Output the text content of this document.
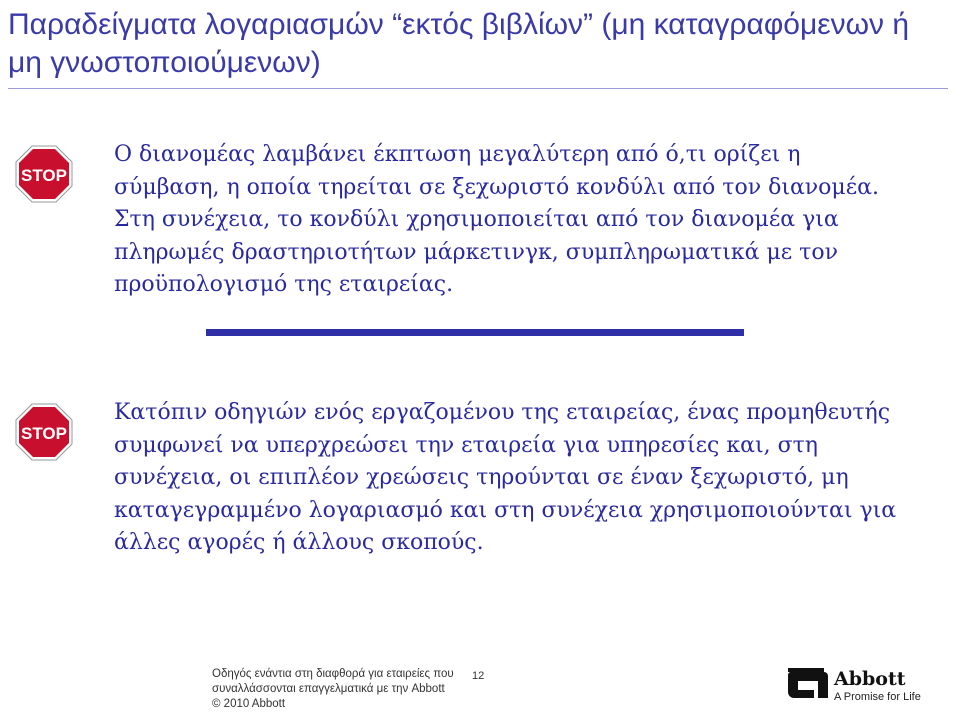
Παραδείγματα λογαριασμών “εκτός βιβλίων” (μη καταγραφόμενων ή μη γνωστοποιούμενων)
STOP
Ο διανομέας λαμβάνει έκπτωση μεγαλύτερη από ό,τι ορίζει η σύμβαση, η οποία τηρείται σε ξεχωριστό κονδύλι από τον διανομέα. Στη συνέχεια, το κονδύλι χρησιμοποιείται από τον διανομέα για πληρωμές δραστηριοτήτων μάρκετινγκ, συμπληρωματικά με τον προϋπολογισμό της εταιρείας.
STOP
Κατόπιν οδηγιών ενός εργαζομένου της εταιρείας, ένας προμηθευτής συμφωνεί να υπερχρεώσει την εταιρεία για υπηρεσίες και, στη συνέχεια, οι επιπλέον χρεώσεις τηρούνται σε έναν ξεχωριστό, μη καταγεγραμμένο λογαριασμό και στη συνέχεια χρησιμοποιούνται για άλλες αγορές ή άλλους σκοπούς.
Οδηγός ενάντια στη διαφθορά για εταιρείες που
συναλλάσσονται επαγγελματικά με την Abbott
© 2010 Abbott
12	Abbott
A Promise for Life
